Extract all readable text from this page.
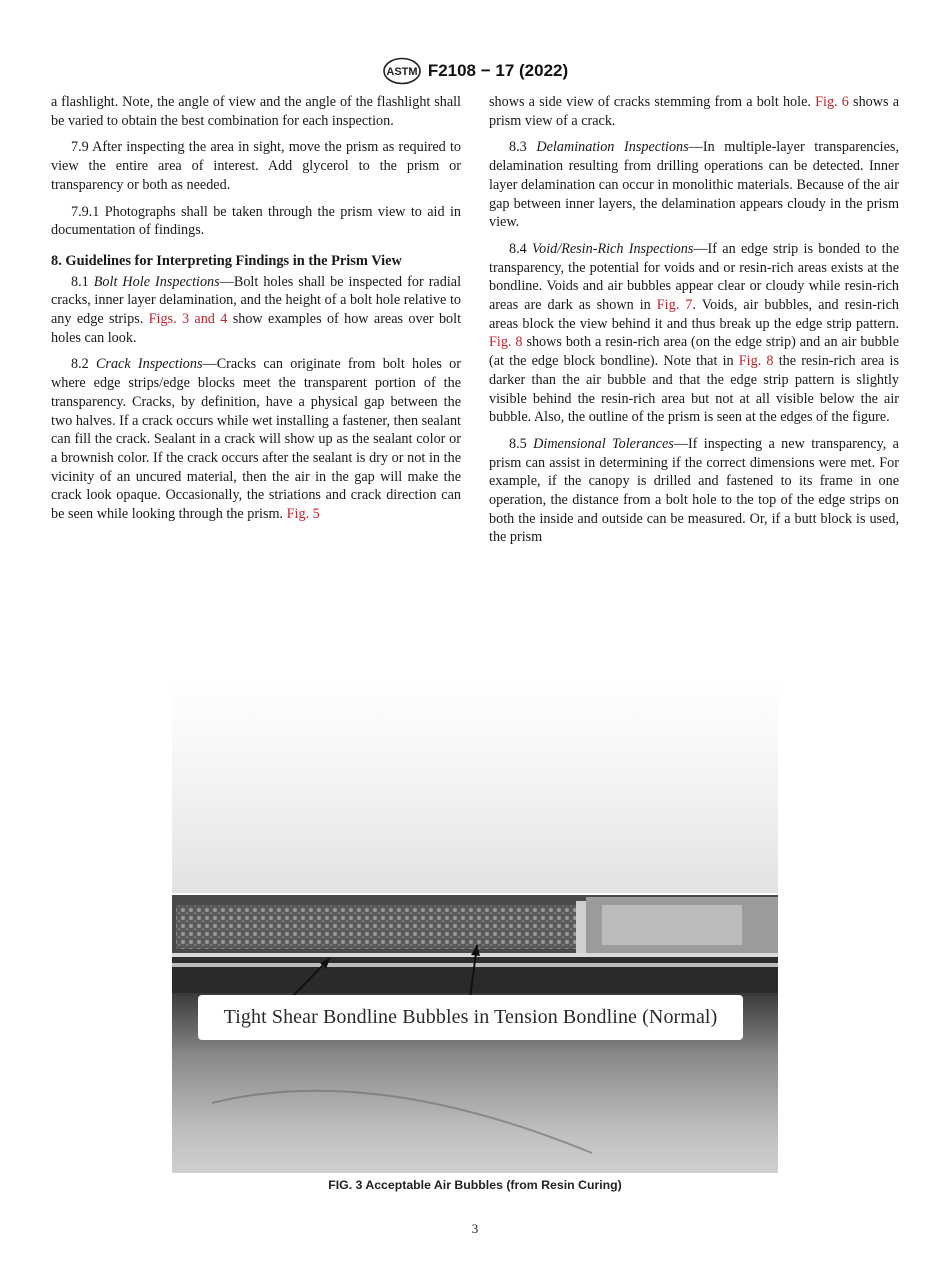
ASTM F2108 − 17 (2022)

a flashlight. Note, the angle of view and the angle of the flashlight shall be varied to obtain the best combination for each inspection.

7.9 After inspecting the area in sight, move the prism as required to view the entire area of interest. Add glycerol to the prism or transparency or both as needed.

7.9.1 Photographs shall be taken through the prism view to aid in documentation of findings.

8. Guidelines for Interpreting Findings in the Prism View

8.1 Bolt Hole Inspections—Bolt holes shall be inspected for radial cracks, inner layer delamination, and the height of a bolt hole relative to any edge strips. Figs. 3 and 4 show examples of how areas over bolt holes can look.

8.2 Crack Inspections—Cracks can originate from bolt holes or where edge strips/edge blocks meet the transparent portion of the transparency. Cracks, by definition, have a physical gap between the two halves. If a crack occurs while wet installing a fastener, then sealant can fill the crack. Sealant in a crack will show up as the sealant color or a brownish color. If the crack occurs after the sealant is dry or not in the vicinity of an uncured material, then the air in the gap will make the crack look opaque. Occasionally, the striations and crack direction can be seen while looking through the prism. Fig. 5

shows a side view of cracks stemming from a bolt hole. Fig. 6 shows a prism view of a crack.

8.3 Delamination Inspections—In multiple-layer transparencies, delamination resulting from drilling operations can be detected. Inner layer delamination can occur in monolithic materials. Because of the air gap between inner layers, the delamination appears cloudy in the prism view.

8.4 Void/Resin-Rich Inspections—If an edge strip is bonded to the transparency, the potential for voids and or resin-rich areas exists at the bondline. Voids and air bubbles appear clear or cloudy while resin-rich areas are dark as shown in Fig. 7. Voids, air bubbles, and resin-rich areas block the view behind it and thus break up the edge strip pattern. Fig. 8 shows both a resin-rich area (on the edge strip) and an air bubble (at the edge block bondline). Note that in Fig. 8 the resin-rich area is darker than the air bubble and that the edge strip pattern is slightly visible behind the resin-rich area but not at all visible below the air bubble. Also, the outline of the prism is seen at the edges of the figure.

8.5 Dimensional Tolerances—If inspecting a new transparency, a prism can assist in determining if the correct dimensions were met. For example, if the canopy is drilled and fastened to its frame in one operation, the distance from a bolt hole to the top of the edge strips on both the inside and outside can be measured. Or, if a butt block is used, the prism

Tight Shear Bondline Bubbles in Tension Bondline (Normal)
FIG. 3 Acceptable Air Bubbles (from Resin Curing)
3
